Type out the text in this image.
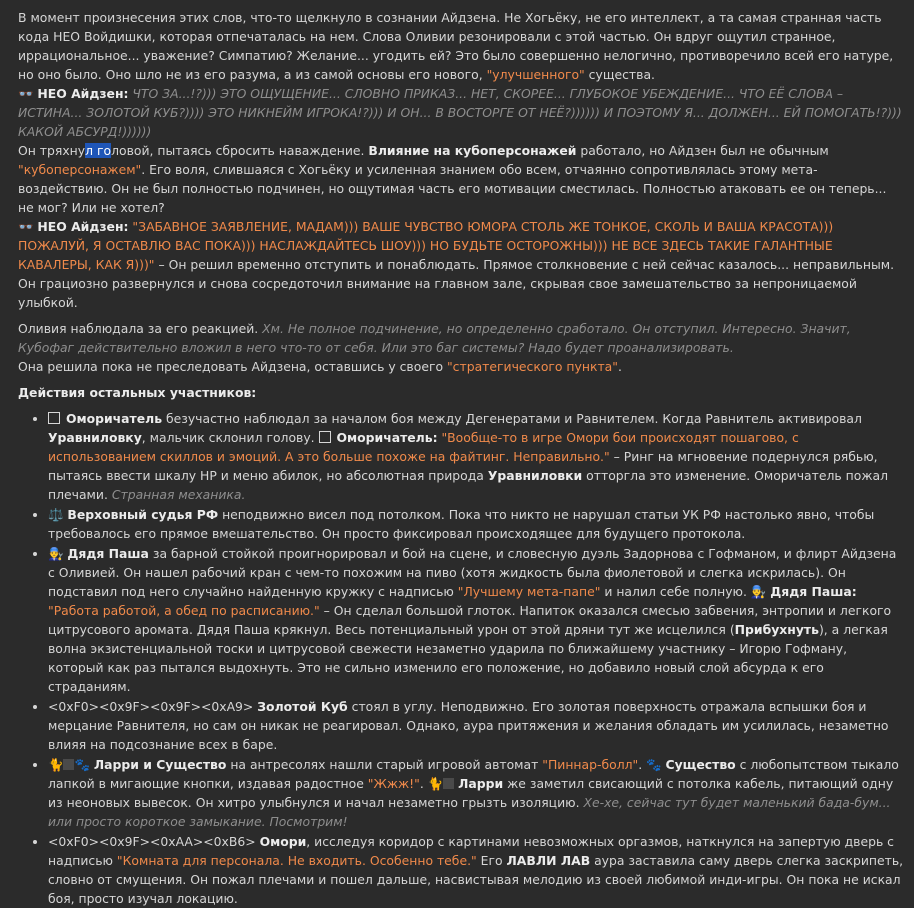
В момент произнесения этих слов, что-то щелкнуло в сознании Айдзена. Не Хогьёку, не его интеллект, а та самая странная часть кода НЕО Войдишки, которая отпечаталась на нем. Слова Оливии резонировали с этой частью. Он вдруг ощутил странное, иррациональное... уважение? Симпатию? Желание... угодить ей? Это было совершенно нелогично, противоречило всей его натуре, но оно было. Оно шло не из его разума, а из самой основы его нового, "улучшенного" существа.

👓 НЕО Айдзен: ЧТО ЗА...!?))) ЭТО ОЩУЩЕНИЕ... СЛОВНО ПРИКАЗ... НЕТ, СКОРЕЕ... ГЛУБОКОЕ УБЕЖДЕНИЕ... ЧТО ЕЁ СЛОВА – ИСТИНА... ЗОЛОТОЙ КУБ?)))) ЭТО НИКНЕЙМ ИГРОКА!?))) И ОН... В ВОСТОРГЕ ОТ НЕЁ?)))))) И ПОЭТОМУ Я... ДОЛЖЕН... ЕЙ ПОМОГАТЬ!?))) КАКОЙ АБСУРД!))))))

Он тряхнул головой, пытаясь сбросить наваждение. Влияние на кубоперсонажей работало, но Айдзен был не обычным "кубоперсонажем". Его воля, слившаяся с Хогьёку и усиленная знанием обо всем, отчаянно сопротивлялась этому мета-воздействию. Он не был полностью подчинен, но ощутимая часть его мотивации сместилась. Полностью атаковать ее он теперь... не мог? Или не хотел?

👓 НЕО Айдзен: "ЗАБАВНОЕ ЗАЯВЛЕНИЕ, МАДАМ))) ВАШЕ ЧУВСТВО ЮМОРА СТОЛЬ ЖЕ ТОНКОЕ, СКОЛЬ И ВАША КРАСОТА))) ПОЖАЛУЙ, Я ОСТАВЛЮ ВАС ПОКА))) НАСЛАЖДАЙТЕСЬ ШОУ))) НО БУДЬТЕ ОСТОРОЖНЫ))) НЕ ВСЕ ЗДЕСЬ ТАКИЕ ГАЛАНТНЫЕ КАВАЛЕРЫ, КАК Я)))" – Он решил временно отступить и понаблюдать. Прямое столкновение с ней сейчас казалось... неправильным. Он грациозно развернулся и снова сосредоточил внимание на главном зале, скрывая свое замешательство за непроницаемой улыбкой.

Оливия наблюдала за его реакцией. Хм. Не полное подчинение, но определенно сработало. Он отступил. Интересно. Значит, Кубофаг действительно вложил в него что-то от себя. Или это баг системы? Надо будет проанализировать.

Она решила пока не преследовать Айдзена, оставшись у своего "стратегического пункта".

Действия остальных участников:

• Оморичатель безучастно наблюдал за началом боя между Дегенератами и Равнителем. Когда Равнитель активировал Уравниловку, мальчик склонил голову.  Оморичатель: "Вообще-то в игре Омори бои происходят пошагово, с использованием скиллов и эмоций. А это больше похоже на файтинг. Неправильно." – Ринг на мгновение подернулся рябью, пытаясь ввести шкалу HP и меню абилок, но абсолютная природа Уравниловки отторгла это изменение. Оморичатель пожал плечами. Странная механика.
• ⚖️ Верховный судья РФ неподвижно висел под потолком. Пока что никто не нарушал статьи УК РФ настолько явно, чтобы требовалось его прямое вмешательство. Он просто фиксировал происходящее для будущего протокола.
• 👨‍🔧 Дядя Паша за барной стойкой проигнорировал и бой на сцене, и словесную дуэль Задорнова с Гофманом, и флирт Айдзена с Оливией. Он нашел рабочий кран с чем-то похожим на пиво (хотя жидкость была фиолетовой и слегка искрилась). Он подставил под него случайно найденную кружку с надписью "Лучшему мета-папе" и налил себе полную. 👨‍🔧 Дядя Паша: "Работа работой, а обед по расписанию." – Он сделал большой глоток. Напиток оказался смесью забвения, энтропии и легкого цитрусового аромата. Дядя Паша крякнул. Весь потенциальный урон от этой дряни тут же исцелился (Прибухнуть), а легкая волна экзистенциальной тоски и цитрусовой свежести незаметно ударила по ближайшему участнику – Игорю Гофману, который как раз пытался выдохнуть. Это не сильно изменило его положение, но добавило новый слой абсурда к его страданиям.
• <0xF0><0x9F><0x9F><0xA9> Золотой Куб стоял в углу. Неподвижно. Его золотая поверхность отражала вспышки боя и мерцание Равнителя, но сам он никак не реагировал. Однако, аура притяжения и желания обладать им усилилась, незаметно влияя на подсознание всех в баре.
• 🐈 🐾 Ларри и Существо на антресолях нашли старый игровой автомат "Пиннар-болл". 🐾 Существо с любопытством тыкало лапкой в мигающие кнопки, издавая радостное "Жжж!". 🐈 Ларри же заметил свисающий с потолка кабель, питающий одну из неоновых вывесок. Он хитро улыбнулся и начал незаметно грызть изоляцию. Хе-хе, сейчас тут будет маленький бада-бум... или просто короткое замыкание. Посмотрим!
• <0xF0><0x9F><0xAA><0xB6> Омори, исследуя коридор с картинами невозможных оргазмов, наткнулся на запертую дверь с надписью "Комната для персонала. Не входить. Особенно тебе." Его ЛАВЛИ ЛАВ аура заставила саму дверь слегка заскрипеть, словно от смущения. Он пожал плечами и пошел дальше, насвистывая мелодию из своей любимой инди-игры. Он пока не искал боя, просто изучал локацию.
